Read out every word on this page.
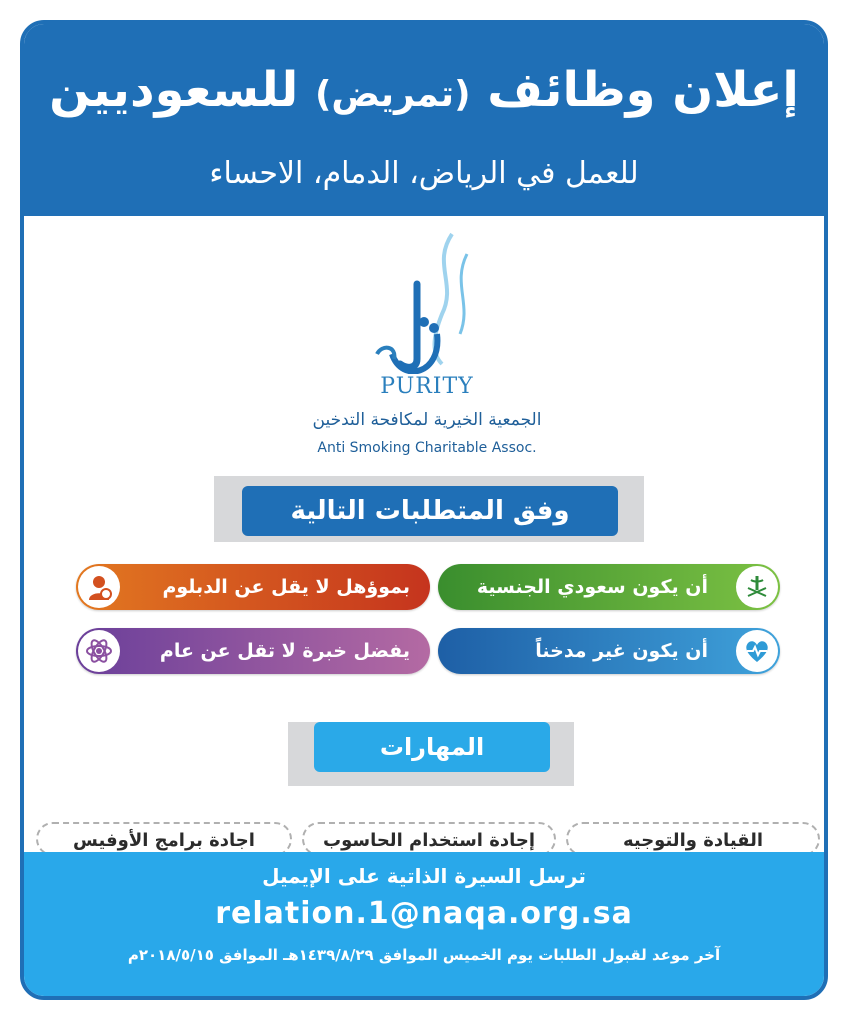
إعلان وظائف (تمريض) للسعوديين
للعمل في الرياض، الدمام، الاحساء
PURITY
الجمعية الخيرية لمكافحة التدخين
Anti Smoking Charitable Assoc.
وفق المتطلبات التالية
أن يكون سعودي الجنسية
بموؤهل لا يقل عن الدبلوم
أن يكون غير مدخناً
يفضل خبرة لا تقل عن عام
المهارات
القيادة والتوجيه
إجادة استخدام الحاسوب
اجادة برامج الأوفيس
ترسل السيرة الذاتية على الإيميل
relation.1@naqa.org.sa
آخر موعد لقبول الطلبات يوم الخميس الموافق ١٤٣٩/٨/٢٩هـ الموافق ٢٠١٨/٥/١٥م
